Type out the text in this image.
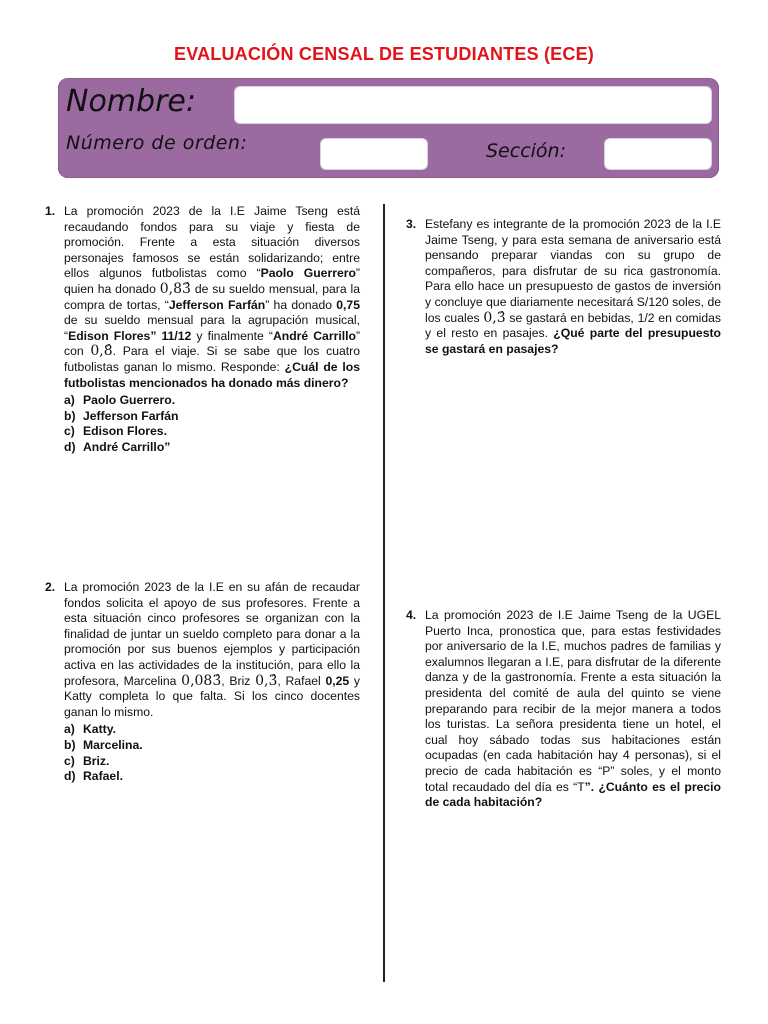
EVALUACIÓN CENSAL DE ESTUDIANTES (ECE)
Nombre:
Número de orden:	Sección:
1. La promoción 2023 de la I.E Jaime Tseng está recaudando fondos para su viaje y fiesta de promoción. Frente a esta situación diversos personajes famosos se están solidarizando; entre ellos algunos futbolistas como “Paolo Guerrero” quien ha donado 0,83̂ de su sueldo mensual, para la compra de tortas, “Jefferson Farfán” ha donado 0,75 de su sueldo mensual para la agrupación musical, “Edison Flores” 11/12 y finalmente “André Carrillo” con 0,8̂. Para el viaje. Si se sabe que los cuatro futbolistas ganan lo mismo. Responde: ¿Cuál de los futbolistas mencionados ha donado más dinero?

a) Paolo Guerrero.
b) Jefferson Farfán
c) Edison Flores.
d) André Carrillo”
2. La promoción 2023 de la I.E en su afán de recaudar fondos solicita el apoyo de sus profesores. Frente a esta situación cinco profesores se organizan con la finalidad de juntar un sueldo completo para donar a la promoción por sus buenos ejemplos y participación activa en las actividades de la institución, para ello la profesora, Marcelina 0,083̂, Briz 0,3̂, Rafael 0,25 y Katty completa lo que falta. Si los cinco docentes ganan lo mismo.

a) Katty.
b) Marcelina.
c) Briz.
d) Rafael.
3. Estefany es integrante de la promoción 2023 de la I.E Jaime Tseng, y para esta semana de aniversario está pensando preparar viandas con su grupo de compañeros, para disfrutar de su rica gastronomía. Para ello hace un presupuesto de gastos de inversión y concluye que diariamente necesitará S/120 soles, de los cuales 0,3̂ se gastará en bebidas, 1/2 en comidas y el resto en pasajes. ¿Qué parte del presupuesto se gastará en pasajes?

4. La promoción 2023 de I.E Jaime Tseng de la UGEL Puerto Inca, pronostica que, para estas festividades por aniversario de la I.E, muchos padres de familias y exalumnos llegaran a I.E, para disfrutar de la diferente danza y de la gastronomía. Frente a esta situación la presidenta del comité de aula del quinto se viene preparando para recibir de la mejor manera a todos los turistas. La señora presidenta tiene un hotel, el cual hoy sábado todas sus habitaciones están ocupadas (en cada habitación hay 4 personas), si el precio de cada habitación es “P” soles, y el monto total recaudado del día es “T”. ¿Cuánto es el precio de cada habitación?
